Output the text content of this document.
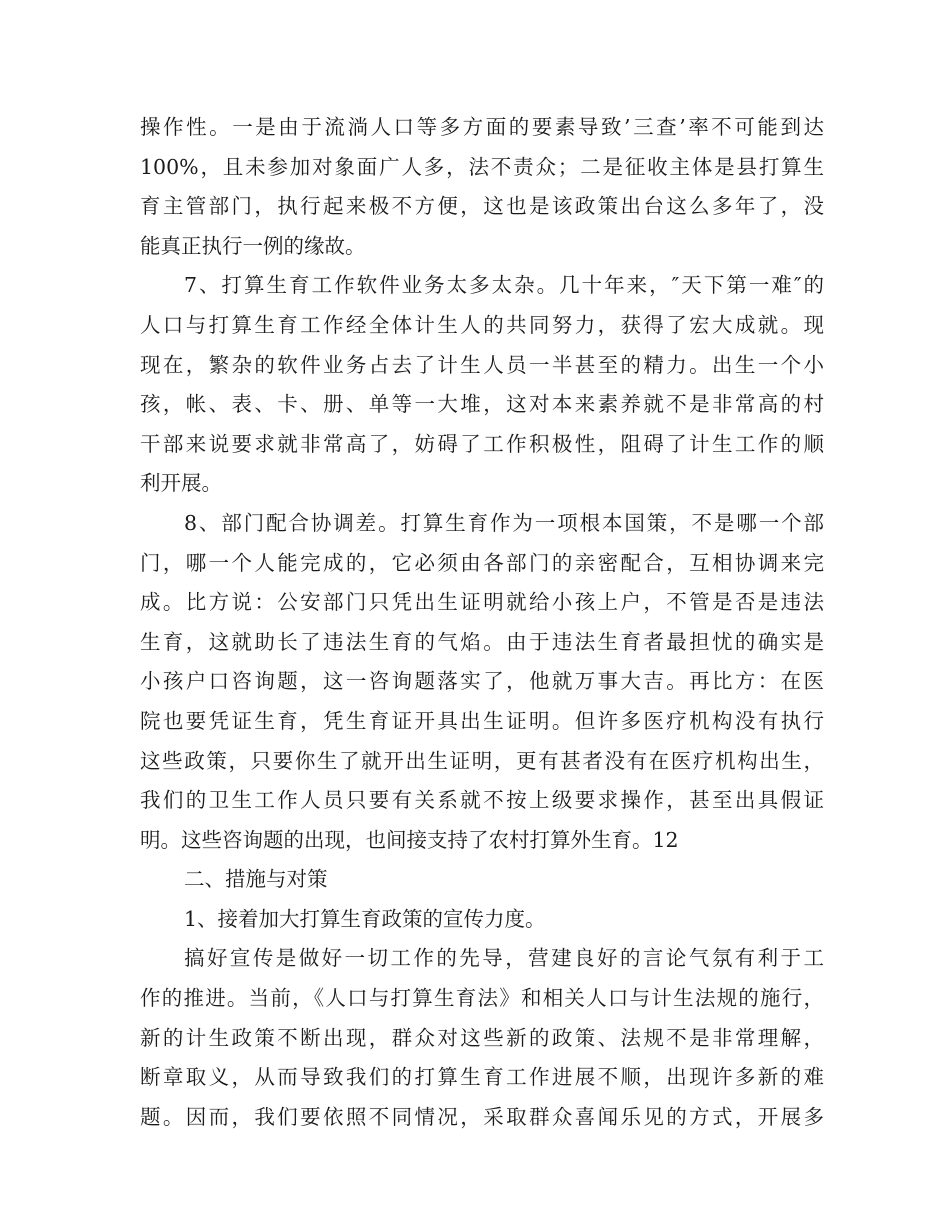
操作性。一是由于流淌人口等多方面的要素导致’三查’率不可能到达
100%，且未参加对象面广人多，法不责众；二是征收主体是县打算生
育主管部门，执行起来极不方便，这也是该政策出台这么多年了，没
能真正执行一例的缘故。
7、打算生育工作软件业务太多太杂。几十年来，″天下第一难″的
人口与打算生育工作经全体计生人的共同努力，获得了宏大成就。现
现在，繁杂的软件业务占去了计生人员一半甚至的精力。出生一个小
孩，帐、表、卡、册、单等一大堆，这对本来素养就不是非常高的村
干部来说要求就非常高了，妨碍了工作积极性，阻碍了计生工作的顺
利开展。
8、部门配合协调差。打算生育作为一项根本国策，不是哪一个部
门，哪一个人能完成的，它必须由各部门的亲密配合，互相协调来完
成。比方说：公安部门只凭出生证明就给小孩上户，不管是否是违法
生育，这就助长了违法生育的气焰。由于违法生育者最担忧的确实是
小孩户口咨询题，这一咨询题落实了，他就万事大吉。再比方：在医
院也要凭证生育，凭生育证开具出生证明。但许多医疗机构没有执行
这些政策，只要你生了就开出生证明，更有甚者没有在医疗机构出生，
我们的卫生工作人员只要有关系就不按上级要求操作，甚至出具假证
明。这些咨询题的出现，也间接支持了农村打算外生育。12
二、措施与对策
1、接着加大打算生育政策的宣传力度。
搞好宣传是做好一切工作的先导，营建良好的言论气氛有利于工
作的推进。当前，《人口与打算生育法》和相关人口与计生法规的施行，
新的计生政策不断出现，群众对这些新的政策、法规不是非常理解，
断章取义，从而导致我们的打算生育工作进展不顺，出现许多新的难
题。因而，我们要依照不同情况，采取群众喜闻乐见的方式，开展多
